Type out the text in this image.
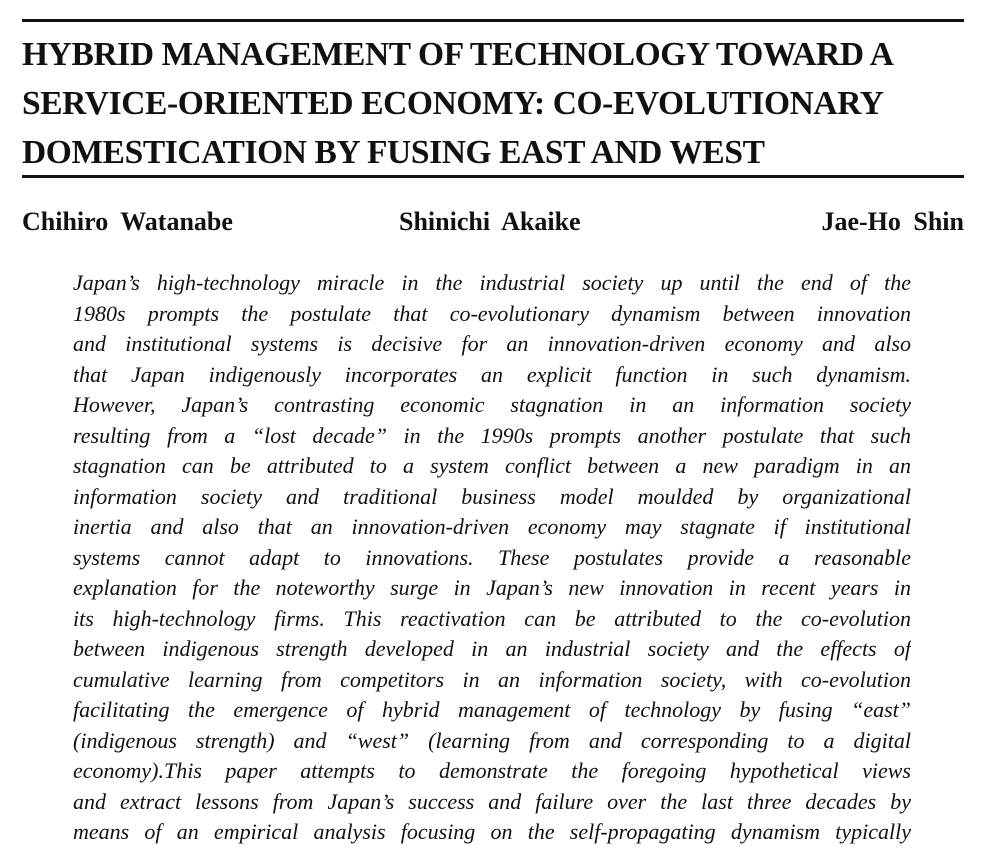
HYBRID MANAGEMENT OF TECHNOLOGY TOWARD A
SERVICE-ORIENTED ECONOMY: CO-EVOLUTIONARY
DOMESTICATION BY FUSING EAST AND WEST
Chihiro Watanabe	Shinichi Akaike	Jae-Ho Shin
Japan’s high-technology miracle in the industrial society up until the end of the
1980s prompts the postulate that co-evolutionary dynamism between innovation
and institutional systems is decisive for an innovation-driven economy and also
that Japan indigenously incorporates an explicit function in such dynamism.
However, Japan’s contrasting economic stagnation in an information society
resulting from a “lost decade” in the 1990s prompts another postulate that such
stagnation can be attributed to a system conflict between a new paradigm in an
information society and traditional business model moulded by organizational
inertia and also that an innovation-driven economy may stagnate if institutional
systems cannot adapt to innovations. These postulates provide a reasonable
explanation for the noteworthy surge in Japan’s new innovation in recent years in
its high-technology firms. This reactivation can be attributed to the co-evolution
between indigenous strength developed in an industrial society and the effects of
cumulative learning from competitors in an information society, with co-evolution
facilitating the emergence of hybrid management of technology by fusing “east”
(indigenous strength) and “west” (learning from and corresponding to a digital
economy).This paper attempts to demonstrate the foregoing hypothetical views
and extract lessons from Japan’s success and failure over the last three decades by
means of an empirical analysis focusing on the self-propagating dynamism typically
